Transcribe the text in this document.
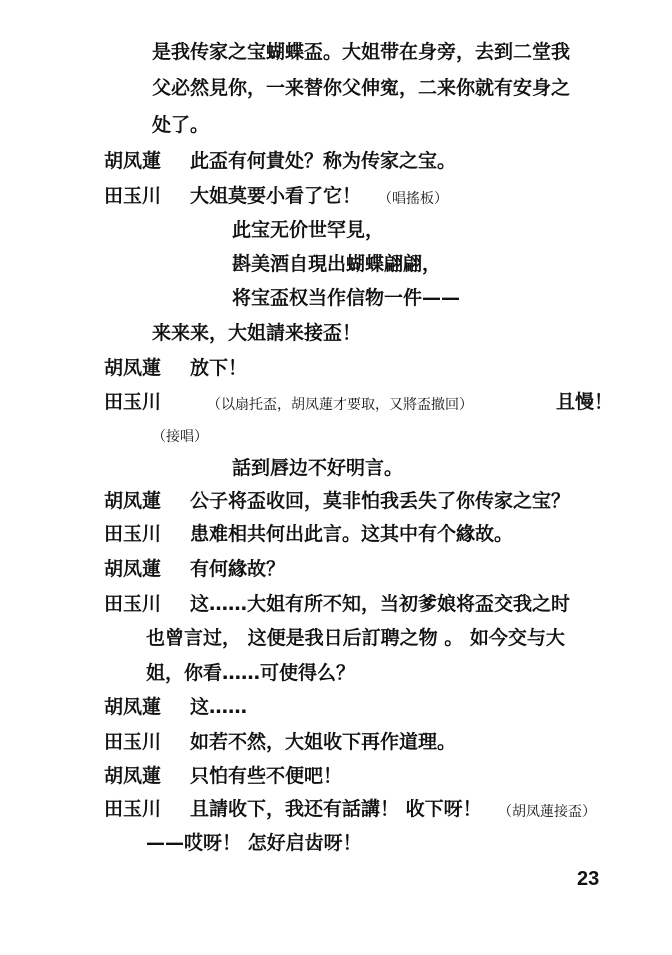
是我传家之宝蝴蝶盃。大姐带在身旁，去到二堂我
父必然見你，一来替你父伸寃，二来你就有安身之
处了。
胡凤蓮 此盃有何貴处？称为传家之宝。
田玉川 大姐莫要小看了它！ （唱搖板）
此宝无价世罕見，
斟美酒自現出蝴蝶翩翩，
将宝盃权当作信物一件——
来来来，大姐請来接盃！
胡凤蓮 放下！
田玉川	（以扇托盃，胡凤蓮才要取，又將盃撤回）	且慢！
（接唱）
話到唇边不好明言。
胡凤蓮 公子将盃收回，莫非怕我丢失了你传家之宝？
田玉川 患难相共何出此言。这其中有个緣故。
胡凤蓮 有何緣故？
田玉川 这……大姐有所不知，当初爹娘将盃交我之时
也曾言过， 这便是我日后訂聘之物 。 如今交与大
姐，你看……可使得么？
胡凤蓮 这……
田玉川 如若不然，大姐收下再作道理。
胡凤蓮 只怕有些不便吧！
田玉川 且請收下，我还有話講！ 收下呀！ （胡凤蓮接盃）
——哎呀！ 怎好启齿呀！
23
